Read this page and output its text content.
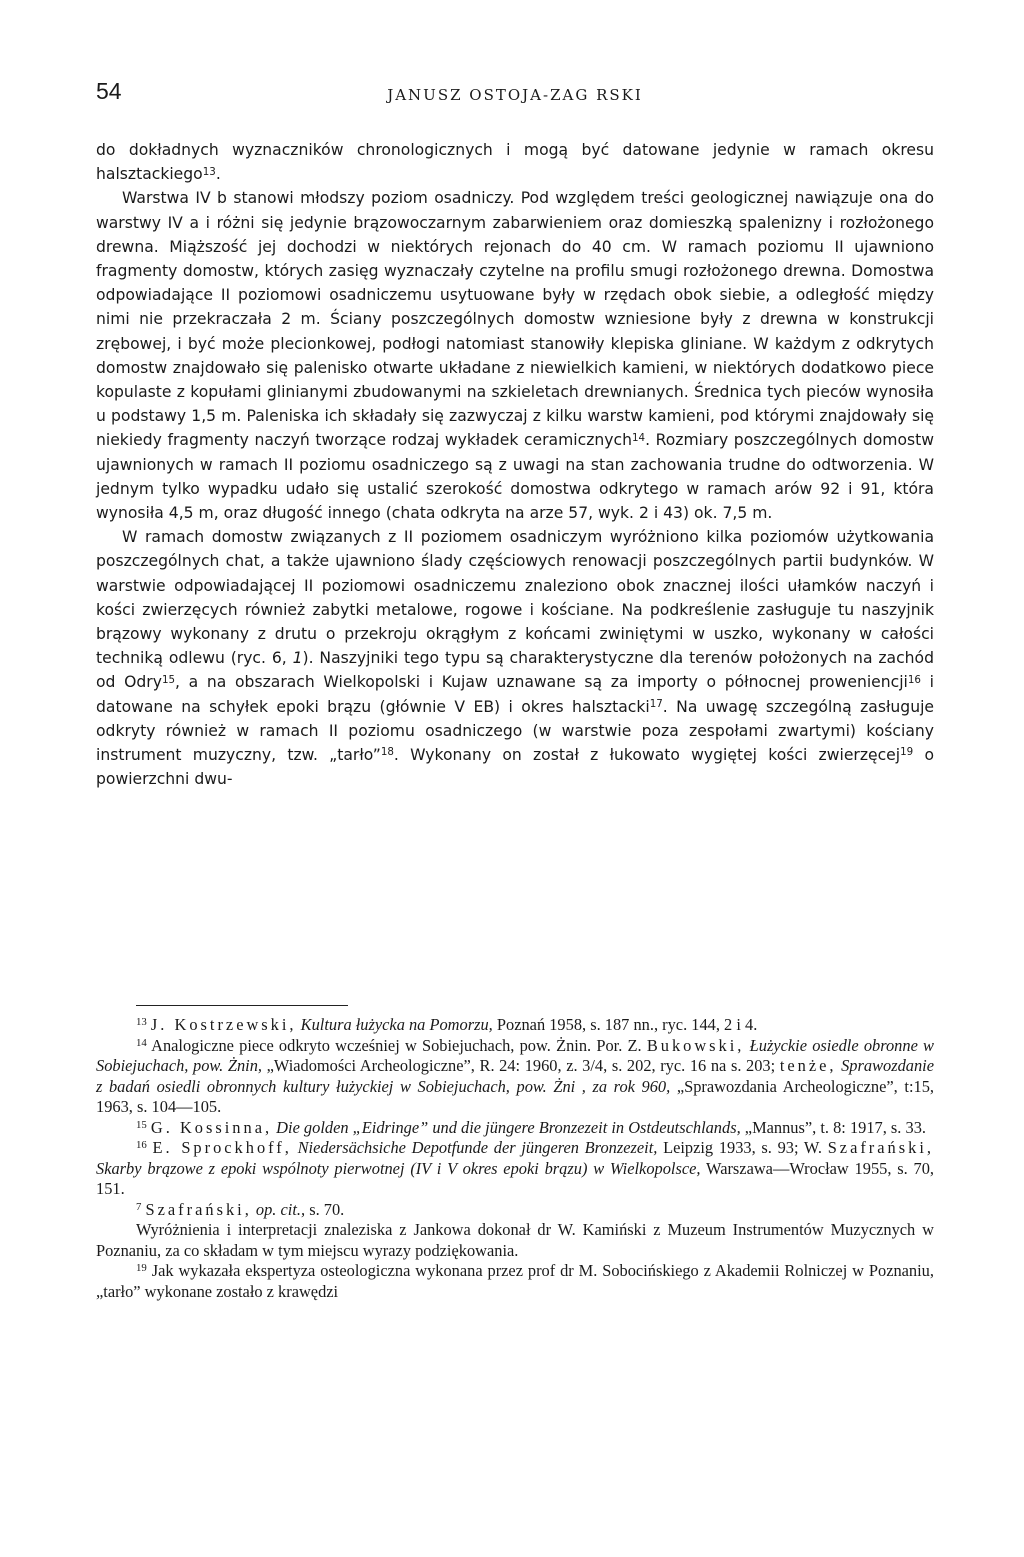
54	JANUSZ OSTOJA-ZAG RSKI

do dokładnych wyznaczników chronologicznych i mogą być datowane jedynie w ramach okresu halsztackiego$^{13}$.

Warstwa IV b stanowi młodszy poziom osadniczy. Pod względem treści geologicznej nawiązuje ona do warstwy IV a i różni się jedynie brązowoczarnym zabarwieniem oraz domieszką spalenizny i rozłożonego drewna. Miąższość jej dochodzi w niektórych rejonach do 40 cm. W ramach poziomu II ujawniono fragmenty domostw, których zasięg wyznaczały czytelne na profilu smugi rozłożonego drewna. Domostwa odpowiadające II poziomowi osadniczemu usytuowane były w rzędach obok siebie, a odległość między nimi nie przekraczała 2 m. Ściany poszczególnych domostw wzniesione były z drewna w konstrukcji zrębowej, i być może plecionkowej, podłogi natomiast stanowiły klepiska gliniane. W każdym z odkrytych domostw znajdowało się palenisko otwarte układane z niewielkich kamieni, w niektórych dodatkowo piece kopulaste z kopułami glinianymi zbudowanymi na szkieletach drewnianych. Średnica tych pieców wynosiła u podstawy 1,5 m. Paleniska ich składały się zazwyczaj z kilku warstw kamieni, pod którymi znajdowały się niekiedy fragmenty naczyń tworzące rodzaj wykładek ceramicznych$^{14}$. Rozmiary poszczególnych domostw ujawnionych w ramach II poziomu osadniczego są z uwagi na stan zachowania trudne do odtworzenia. W jednym tylko wypadku udało się ustalić szerokość domostwa odkrytego w ramach arów 92 i 91, która wynosiła 4,5 m, oraz długość innego (chata odkryta na arze 57, wyk. 2 i 43) ok. 7,5 m.

W ramach domostw związanych z II poziomem osadniczym wyróżniono kilka poziomów użytkowania poszczególnych chat, a także ujawniono ślady częściowych renowacji poszczególnych partii budynków. W warstwie odpowiadającej II poziomowi osadniczemu znaleziono obok znacznej ilości ułamków naczyń i kości zwierzęcych również zabytki metalowe, rogowe i kościane. Na podkreślenie zasługuje tu naszyjnik brązowy wykonany z drutu o przekroju okrągłym z końcami zwiniętymi w uszko, wykonany w całości techniką odlewu (ryc. 6, 1). Naszyjniki tego typu są charakterystyczne dla terenów położonych na zachód od Odry$^{15}$, a na obszarach Wielkopolski i Kujaw uznawane są za importy o północnej proweniencji$^{16}$ i datowane na schyłek epoki brązu (głównie V EB) i okres halsztacki$^{17}$. Na uwagę szczególną zasługuje odkryty również w ramach II poziomu osadniczego (w warstwie poza zespołami zwartymi) kościany instrument muzyczny, tzw. „tarło”$^{18}$. Wykonany on został z łukowato wygiętej kości zwierzęcej$^{19}$ o powierzchni dwu-

$^{13}$ J. Kostrzewski, Kultura łużycka na Pomorzu, Poznań 1958, s. 187 nn., ryc. 144, 2 i 4.

$^{14}$ Analogiczne piece odkryto wcześniej w Sobiejuchach, pow. Żnin. Por. Z. Bukowski, Łużyckie osiedle obronne w Sobiejuchach, pow. Żnin, „Wiadomości Archeologiczne”, R. 24: 1960, z. 3/4, s. 202, ryc. 16 na s. 203; tenże, Sprawozdanie z badań osiedli obronnych kultury łużyckiej w Sobiejuchach, pow. Żni , za rok 960, „Sprawozdania Archeologiczne”, t:15, 1963, s. 104—105.

$^{15}$ G. Kossinna, Die golden „Eidringe” und die jüngere Bronzezeit in Ostdeutschlands, „Mannus”, t. 8: 1917, s. 33.

$^{16}$ E. Sprockhoff, Niedersächsiche Depotfunde der jüngeren Bronzezeit, Leipzig 1933, s. 93; W. Szafrański, Skarby brązowe z epoki wspólnoty pierwotnej (IV i V okres epoki brązu) w Wielkopolsce, Warszawa—Wrocław 1955, s. 70, 151.

$^7$ Szafrański, op. cit., s. 70.

Wyróżnienia i interpretacji znaleziska z Jankowa dokonał dr W. Kamiński z Muzeum Instrumentów Muzycznych w Poznaniu, za co składam w tym miejscu wyrazy podziękowania.

$^{19}$ Jak wykazała ekspertyza osteologiczna wykonana przez prof dr M. Sobocińskiego z Akademii Rolniczej w Poznaniu, „tarło” wykonane zostało z krawędzi
